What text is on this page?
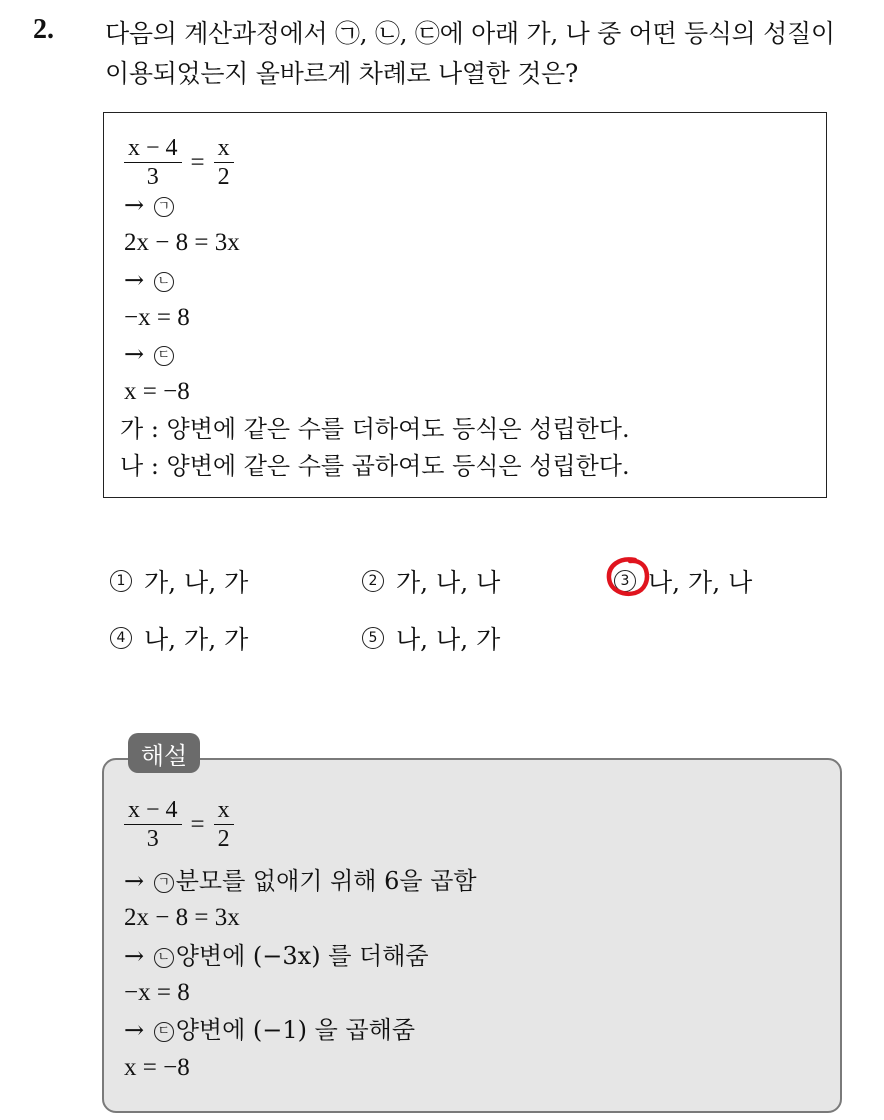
2. 다음의 계산과정에서 ㉠, ㉡, ㉢에 아래 가, 나 중 어떤 등식의 성질이
이용되었는지 올바르게 차례로 나열한 것은?
$\frac{x - 4}{3} = \frac{x}{2}$
→ ㄱ
2x − 8 = 3x
→ ㄴ
−x = 8
→ ㄷ
x = −8
가 : 양변에 같은 수를 더하여도 등식은 성립한다.
나 : 양변에 같은 수를 곱하여도 등식은 성립한다.
1 가, 나, 가	2 가, 나, 나	3 나, 가, 나
4 나, 가, 가	5 나, 나, 가
해설
$\frac{x - 4}{3} = \frac{x}{2}$
→ ㄱ 분모를 없애기 위해 6을 곱함
2x − 8 = 3x
→ ㄴ 양변에 (−3x) 를 더해줌
−x = 8
→ ㄷ 양변에 (−1) 을 곱해줌
x = −8
